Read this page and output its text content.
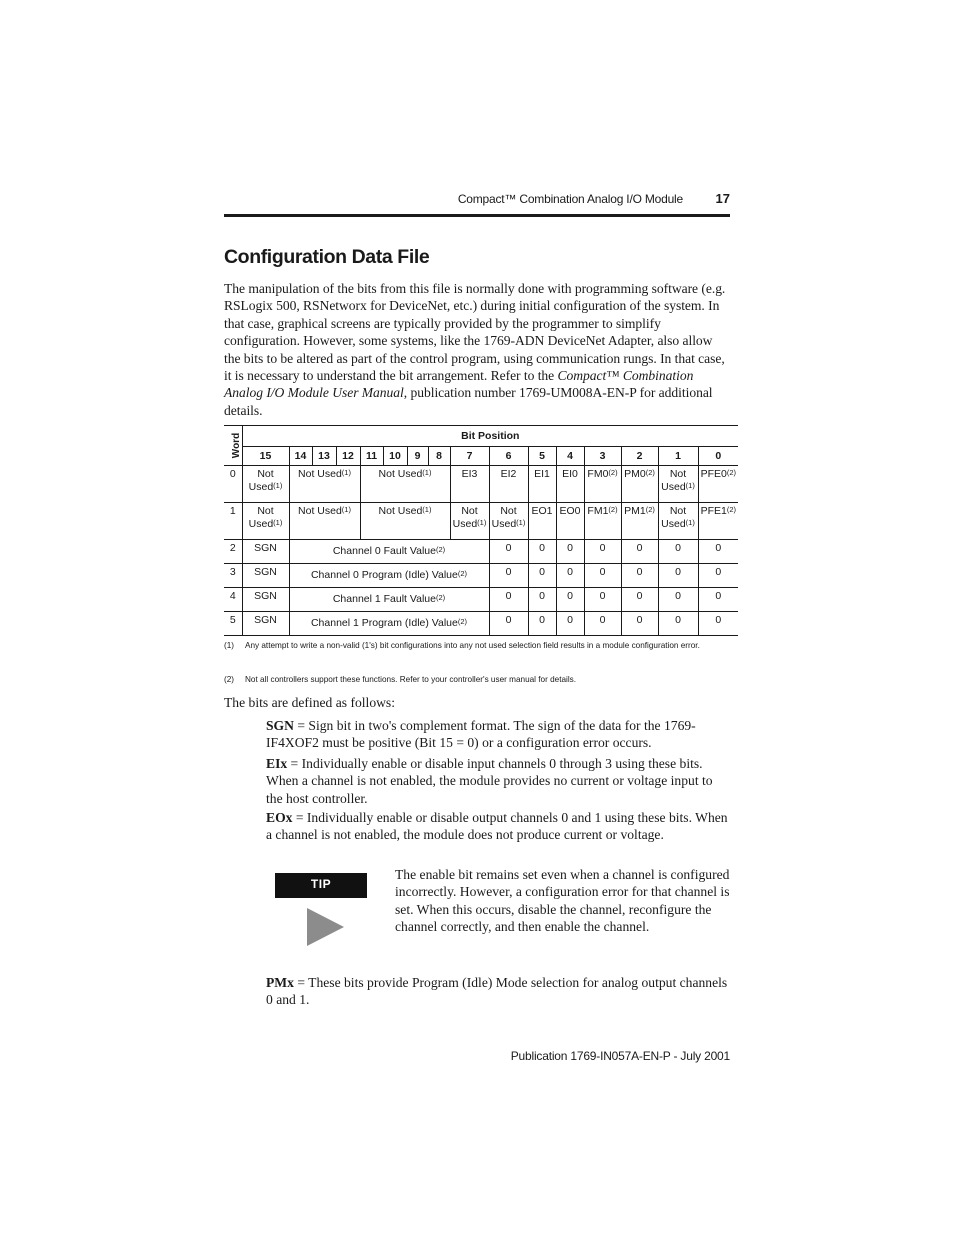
Compact™ Combination Analog I/O Module	17
Configuration Data File

The manipulation of the bits from this file is normally done with programming software (e.g. RSLogix 500, RSNetworx for DeviceNet, etc.) during initial configuration of the system. In that case, graphical screens are typically provided by the programmer to simplify configuration. However, some systems, like the 1769-ADN DeviceNet Adapter, also allow the bits to be altered as part of the control program, using communication rungs. In that case, it is necessary to understand the bit arrangement. Refer to the Compact™ Combination Analog I/O Module User Manual, publication number 1769-UM008A-EN-P for additional details.

Word	Bit Position															
	15	14	13	12	11	10	9	8	7	6	5	4	3	2	1	0
0	Not Used$^{(1)}$	Not Used$^{(1)}$			Not Used$^{(1)}$				EI3	EI2	EI1	EI0	FM0$^{(2)}$	PM0$^{(2)}$	Not Used$^{(1)}$	PFE0$^{(2)}$
1	Not Used$^{(1)}$	Not Used$^{(1)}$			Not Used$^{(1)}$				Not Used$^{(1)}$	Not Used$^{(1)}$	EO1	EO0	FM1$^{(2)}$	PM1$^{(2)}$	Not Used$^{(1)}$	PFE1$^{(2)}$
2	SGN	Channel 0 Fault Value$^{(2)}$								0	0	0	0	0	0	0
3	SGN	Channel 0 Program (Idle) Value$^{(2)}$								0	0	0	0	0	0	0
4	SGN	Channel 1 Fault Value$^{(2)}$								0	0	0	0	0	0	0
5	SGN	Channel 1 Program (Idle) Value$^{(2)}$								0	0	0	0	0	0	0
(1) Any attempt to write a non-valid (1's) bit configurations into any not used selection field results in a module configuration error.
(2) Not all controllers support these functions. Refer to your controller's user manual for details.

The bits are defined as follows:

SGN = Sign bit in two's complement format. The sign of the data for the 1769-IF4XOF2 must be positive (Bit 15 = 0) or a configuration error occurs.

EIx = Individually enable or disable input channels 0 through 3 using these bits. When a channel is not enabled, the module provides no current or voltage input to the host controller.

EOx = Individually enable or disable output channels 0 and 1 using these bits. When a channel is not enabled, the module does not produce current or voltage.

TIP

The enable bit remains set even when a channel is configured incorrectly. However, a configuration error for that channel is set. When this occurs, disable the channel, reconfigure the channel correctly, and then enable the channel.

PMx = These bits provide Program (Idle) Mode selection for analog output channels 0 and 1.

Publication 1769-IN057A-EN-P - July 2001
